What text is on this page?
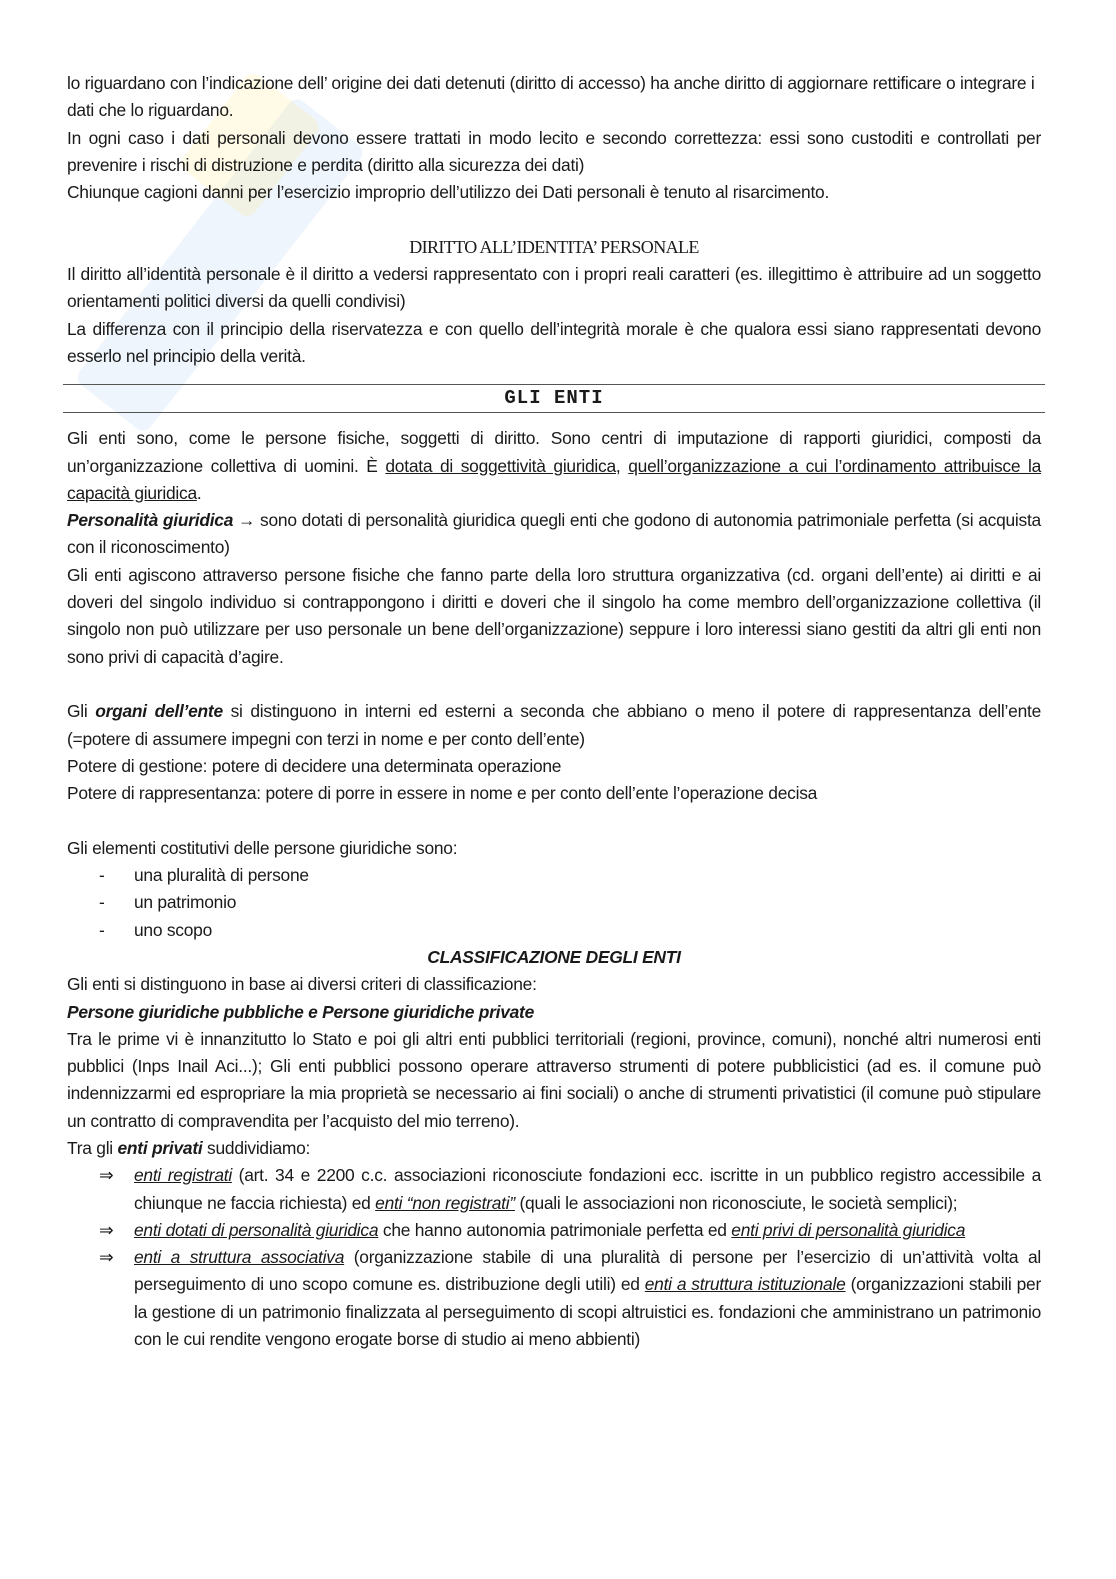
lo riguardano con l’indicazione dell’ origine dei dati detenuti (diritto di accesso) ha anche diritto di aggiornare rettificare o integrare i dati che lo riguardano.

In ogni caso i dati personali devono essere trattati in modo lecito e secondo correttezza: essi sono custoditi e controllati per prevenire i rischi di distruzione e perdita (diritto alla sicurezza dei dati)

Chiunque cagioni danni per l’esercizio improprio dell’utilizzo dei Dati personali è tenuto al risarcimento.

DIRITTO ALL’IDENTITA’ PERSONALE

Il diritto all’identità personale è il diritto a vedersi rappresentato con i propri reali caratteri (es. illegittimo è attribuire ad un soggetto orientamenti politici diversi da quelli condivisi)

La differenza con il principio della riservatezza e con quello dell’integrità morale è che qualora essi siano rappresentati devono esserlo nel principio della verità.

GLI ENTI

Gli enti sono, come le persone fisiche, soggetti di diritto. Sono centri di imputazione di rapporti giuridici, composti da un’organizzazione collettiva di uomini. È dotata di soggettività giuridica, quell’organizzazione a cui l’ordinamento attribuisce la capacità giuridica.

Personalità giuridica → sono dotati di personalità giuridica quegli enti che godono di autonomia patrimoniale perfetta (si acquista con il riconoscimento)

Gli enti agiscono attraverso persone fisiche che fanno parte della loro struttura organizzativa (cd. organi dell’ente) ai diritti e ai doveri del singolo individuo si contrappongono i diritti e doveri che il singolo ha come membro dell’organizzazione collettiva (il singolo non può utilizzare per uso personale un bene dell’organizzazione) seppure i loro interessi siano gestiti da altri gli enti non sono privi di capacità d’agire.

Gli organi dell’ente si distinguono in interni ed esterni a seconda che abbiano o meno il potere di rappresentanza dell’ente (=potere di assumere impegni con terzi in nome e per conto dell’ente)

Potere di gestione: potere di decidere una determinata operazione

Potere di rappresentanza: potere di porre in essere in nome e per conto dell’ente l’operazione decisa

Gli elementi costitutivi delle persone giuridiche sono:

- una pluralità di persone
- un patrimonio
- uno scopo

CLASSIFICAZIONE DEGLI ENTI

Gli enti si distinguono in base ai diversi criteri di classificazione:

Persone giuridiche pubbliche e Persone giuridiche private

Tra le prime vi è innanzitutto lo Stato e poi gli altri enti pubblici territoriali (regioni, province, comuni), nonché altri numerosi enti pubblici (Inps Inail Aci...); Gli enti pubblici possono operare attraverso strumenti di potere pubblicistici (ad es. il comune può indennizzarmi ed espropriare la mia proprietà se necessario ai fini sociali) o anche di strumenti privatistici (il comune può stipulare un contratto di compravendita per l’acquisto del mio terreno).

Tra gli enti privati suddividiamo:

⇒ enti registrati (art. 34 e 2200 c.c. associazioni riconosciute fondazioni ecc. iscritte in un pubblico registro accessibile a chiunque ne faccia richiesta) ed enti “non registrati” (quali le associazioni non riconosciute, le società semplici);
⇒ enti dotati di personalità giuridica che hanno autonomia patrimoniale perfetta ed enti privi di personalità giuridica
⇒ enti a struttura associativa (organizzazione stabile di una pluralità di persone per l’esercizio di un’attività volta al perseguimento di uno scopo comune es. distribuzione degli utili) ed enti a struttura istituzionale (organizzazioni stabili per la gestione di un patrimonio finalizzata al perseguimento di scopi altruistici es. fondazioni che amministrano un patrimonio con le cui rendite vengono erogate borse di studio ai meno abbienti)
